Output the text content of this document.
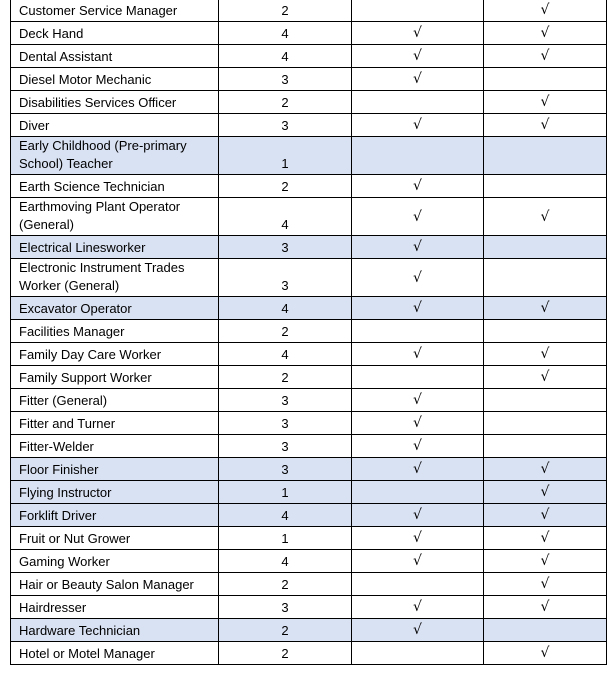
Customer Service Manager	2		√
Deck Hand	4	√	√
Dental Assistant	4	√	√
Diesel Motor Mechanic	3	√	
Disabilities Services Officer	2		√
Diver	3	√	√
Early Childhood (Pre-primary School) Teacher	1		
Earth Science Technician	2	√	
Earthmoving Plant Operator (General)	4	√	√
Electrical Linesworker	3	√	
Electronic Instrument Trades Worker (General)	3	√	
Excavator Operator	4	√	√
Facilities Manager	2		
Family Day Care Worker	4	√	√
Family Support Worker	2		√
Fitter (General)	3	√	
Fitter and Turner	3	√	
Fitter-Welder	3	√	
Floor Finisher	3	√	√
Flying Instructor	1		√
Forklift Driver	4	√	√
Fruit or Nut Grower	1	√	√
Gaming Worker	4	√	√
Hair or Beauty Salon Manager	2		√
Hairdresser	3	√	√
Hardware Technician	2	√	
Hotel or Motel Manager	2		√
